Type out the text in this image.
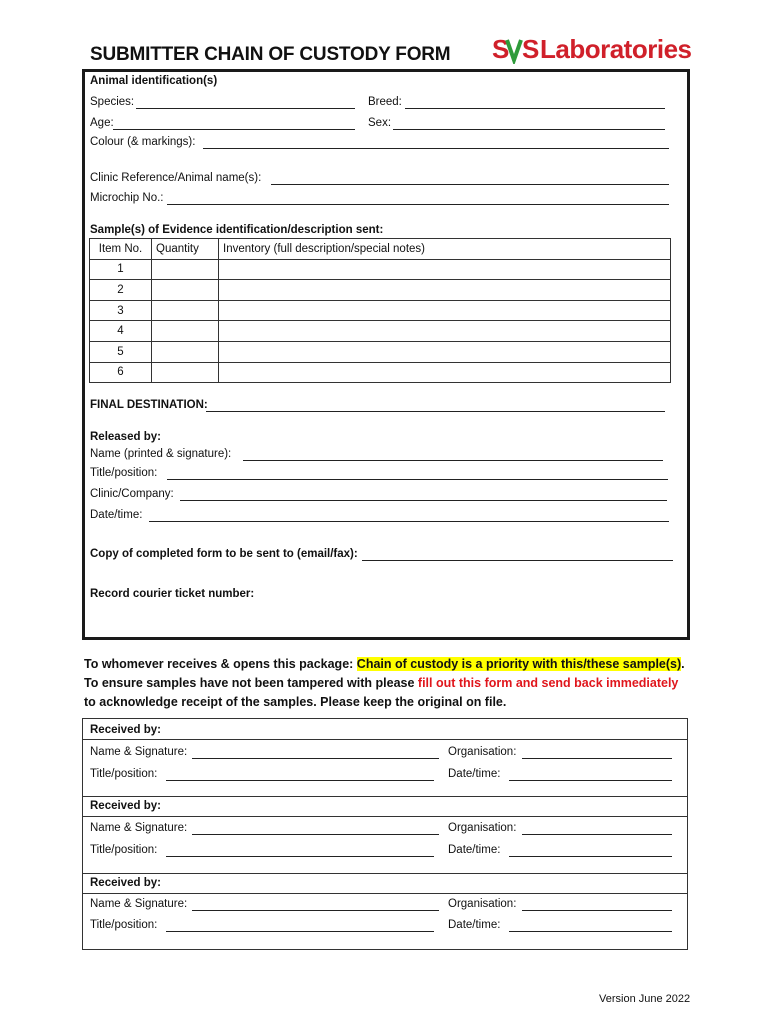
SUBMITTER CHAIN OF CUSTODY FORM S S Laboratories
Animal identification(s)
Species:	Breed:
Age:	Sex:
Colour (& markings):
Clinic Reference/Animal name(s):
Microchip No.:
Sample(s) of Evidence identification/description sent:
Item No.	Quantity	Inventory (full description/special notes)
1		
2		
3		
4		
5		
6		
FINAL DESTINATION:
Released by:
Name (printed & signature):
Title/position:
Clinic/Company:
Date/time:
Copy of completed form to be sent to (email/fax):
Record courier ticket number:
To whomever receives & opens this package: Chain of custody is a priority with this/these sample(s).
To ensure samples have not been tampered with please fill out this form and send back immediately
to acknowledge receipt of the samples. Please keep the original on file.
Received by:
Name & Signature:	Organisation:
Title/position:	Date/time:
Received by:
Name & Signature:	Organisation:
Title/position:	Date/time:
Received by:
Name & Signature:	Organisation:
Title/position:	Date/time:
Version June 2022
